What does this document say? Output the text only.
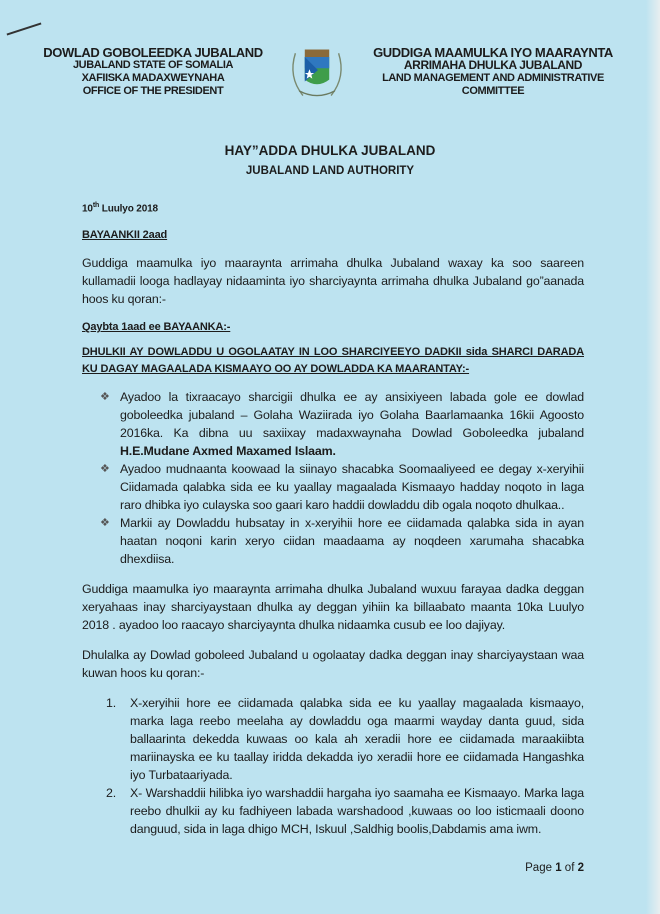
DOWLAD GOBOLEEDKA JUBALAND
JUBALAND STATE OF SOMALIA
XAFIISKA MADAXWEYNAHA
OFFICE OF THE PRESIDENT
GUDDIGA MAAMULKA IYO MAARAYNTA
ARRIMAHA DHULKA JUBALAND
LAND MANAGEMENT AND ADMINISTRATIVE
COMMITTEE
HAY”ADDA DHULKA JUBALAND
JUBALAND LAND AUTHORITY
10th Luulyo 2018
BAYAANKII 2aad
Guddiga maamulka iyo maaraynta arrimaha dhulka Jubaland waxay ka soo saareen kullamadii looga hadlayay nidaaminta iyo sharciyaynta arrimaha dhulka Jubaland go”aanada hoos ku qoran:-
Qaybta 1aad ee BAYAANKA:-
DHULKII AY DOWLADDU U OGOLAATAY IN LOO SHARCIYEEYO DADKII sida SHARCI DARADA KU DAGAY MAGAALADA KISMAAYO OO AY DOWLADDA KA MAARANTAY:-
❖ Ayadoo la tixraacayo sharcigii dhulka ee ay ansixiyeen labada gole ee dowlad goboleedka jubaland – Golaha Waziirada iyo Golaha Baarlamaanka 16kii Agoosto 2016ka. Ka dibna uu saxiixay madaxwaynaha Dowlad Goboleedka jubaland H.E.Mudane Axmed Maxamed Islaam.
❖ Ayadoo mudnaanta koowaad la siinayo shacabka Soomaaliyeed ee degay x-xeryihii Ciidamada qalabka sida ee ku yaallay magaalada Kismaayo hadday noqoto in laga raro dhibka iyo culayska soo gaari karo haddii dowladdu dib ogala noqoto dhulkaa..
❖ Markii ay Dowladdu hubsatay in x-xeryihii hore ee ciidamada qalabka sida in ayan haatan noqoni karin xeryo ciidan maadaama ay noqdeen xarumaha shacabka dhexdiisa.
Guddiga maamulka iyo maaraynta arrimaha dhulka Jubaland wuxuu farayaa dadka deggan xeryahaas inay sharciyaystaan dhulka ay deggan yihiin ka billaabato maanta 10ka Luulyo 2018 . ayadoo loo raacayo sharciyaynta dhulka nidaamka cusub ee loo dajiyay.
Dhulalka ay Dowlad goboleed Jubaland u ogolaatay dadka deggan inay sharciyaystaan waa kuwan hoos ku qoran:-
1. X-xeryihii hore ee ciidamada qalabka sida ee ku yaallay magaalada kismaayo, marka laga reebo meelaha ay dowladdu oga maarmi wayday danta guud, sida ballaarinta dekedda kuwaas oo kala ah xeradii hore ee ciidamada maraakiibta mariinayska ee ku taallay iridda dekadda iyo xeradii hore ee ciidamada Hangashka iyo Turbataariyada.
2. X- Warshaddii hilibka iyo warshaddii hargaha iyo saamaha ee Kismaayo. Marka laga reebo dhulkii ay ku fadhiyeen labada warshadood ,kuwaas oo loo isticmaali doono danguud, sida in laga dhigo MCH, Iskuul ,Saldhig boolis,Dabdamis ama iwm.
Page 1 of 2
